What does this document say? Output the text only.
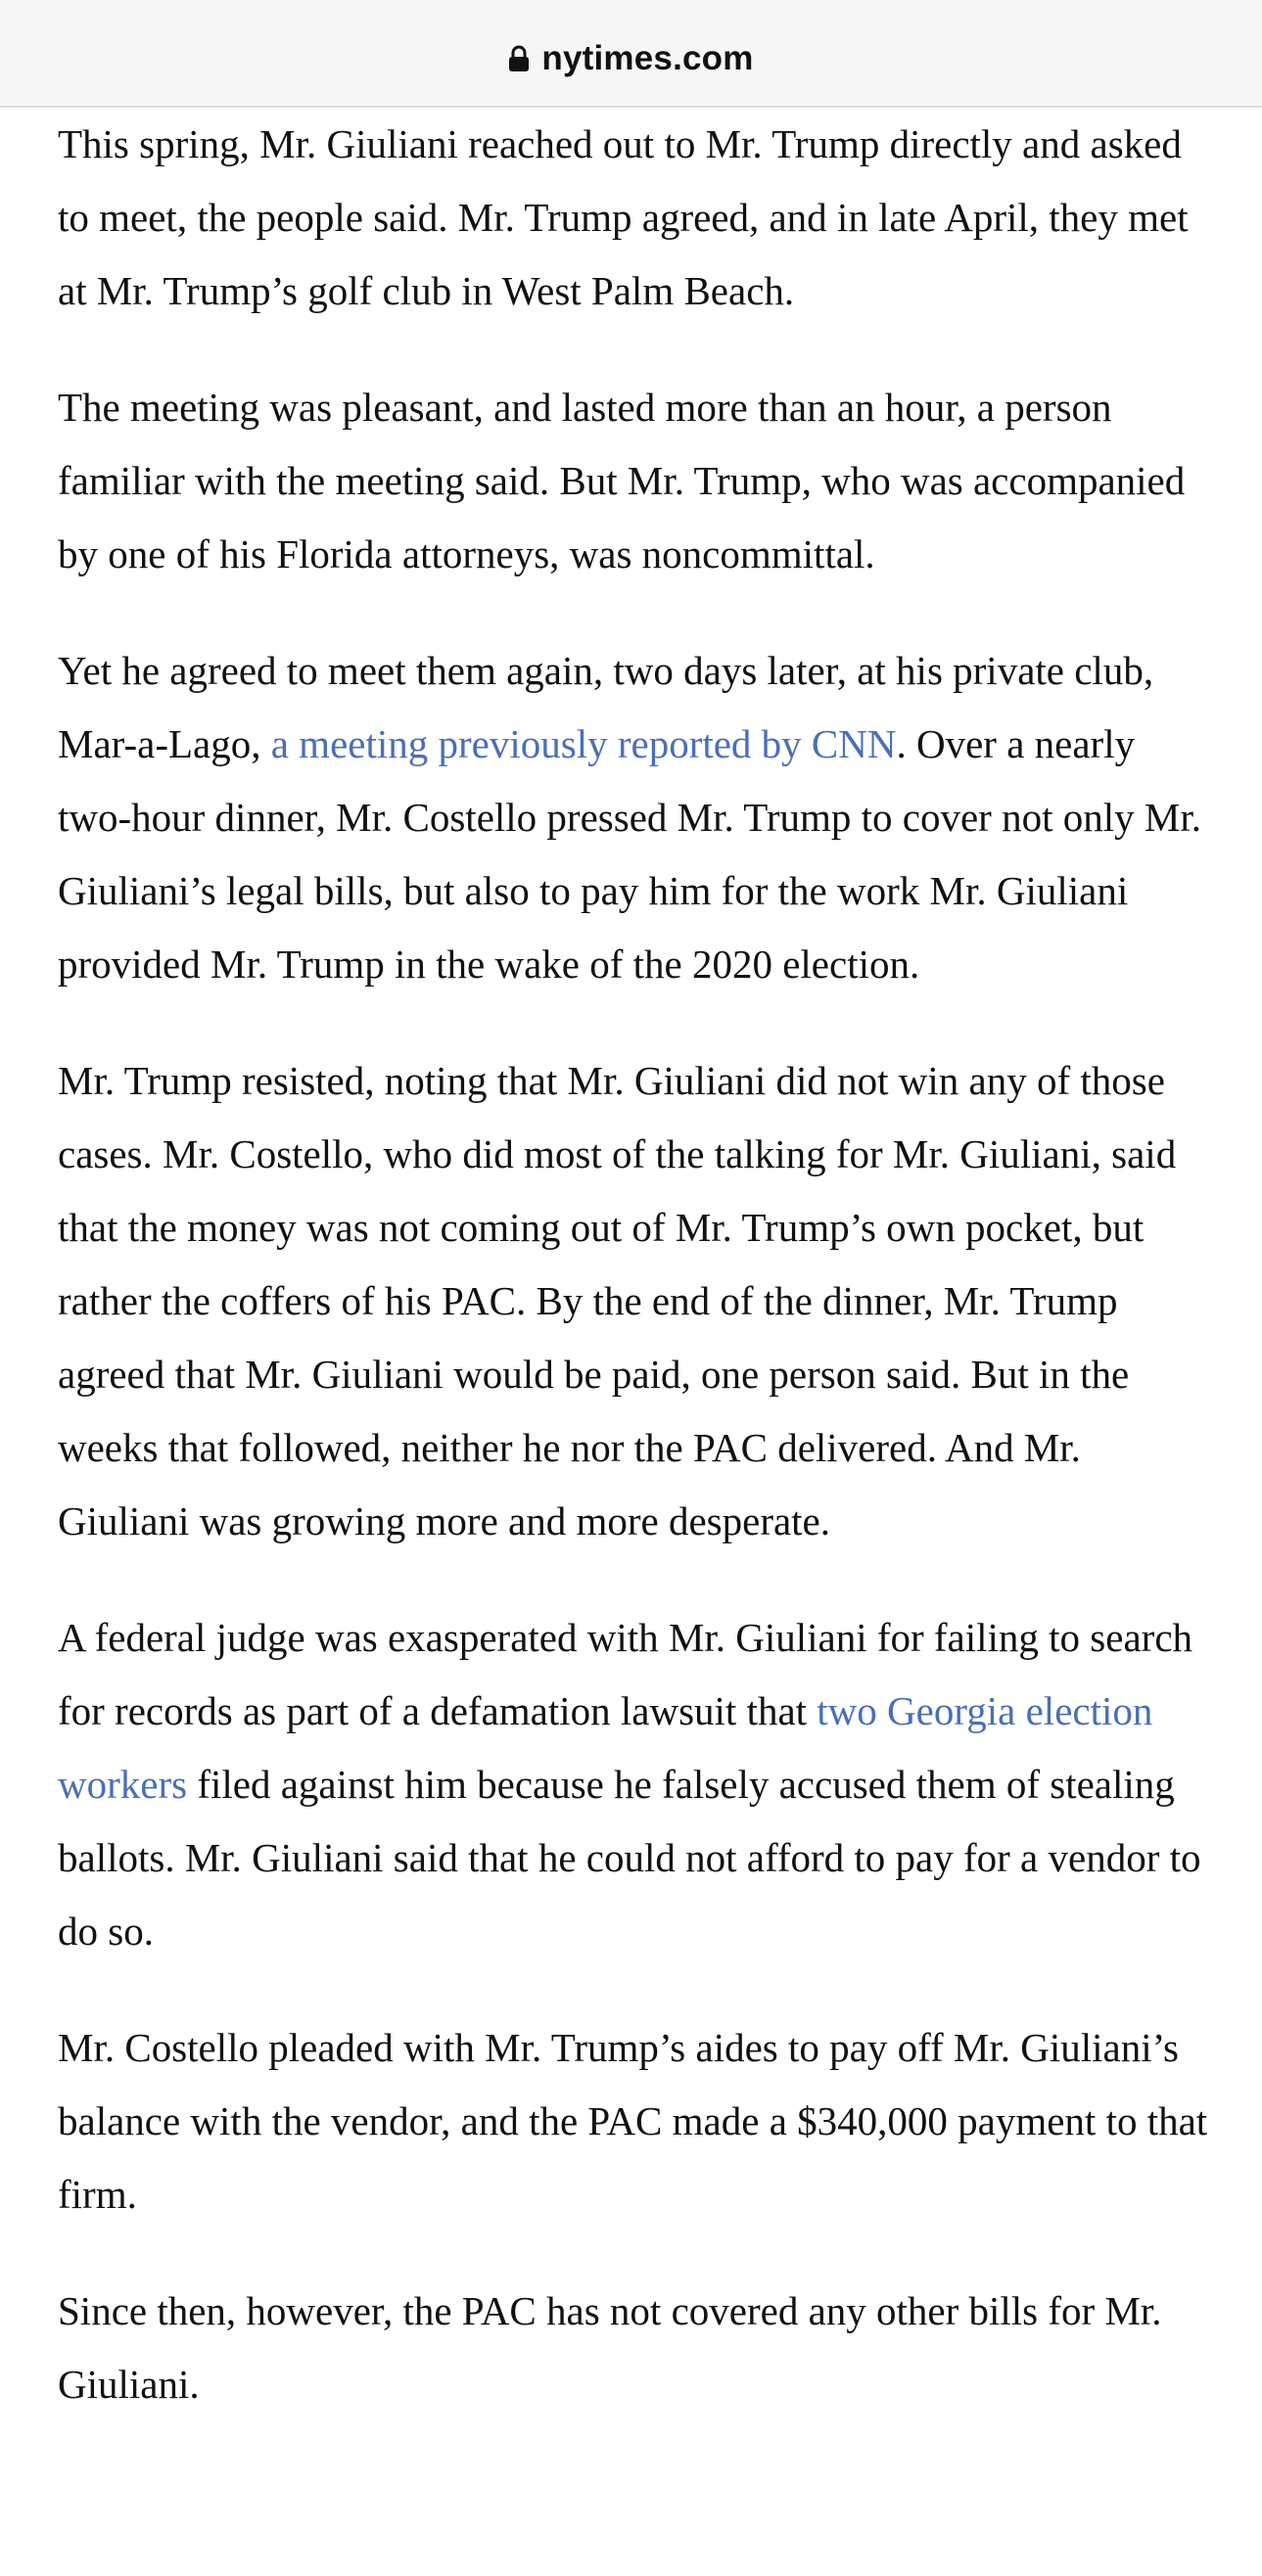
nytimes.com

This spring, Mr. Giuliani reached out to Mr. Trump directly and asked to meet, the people said. Mr. Trump agreed, and in late April, they met at Mr. Trump’s golf club in West Palm Beach.

The meeting was pleasant, and lasted more than an hour, a person familiar with the meeting said. But Mr. Trump, who was accompanied by one of his Florida attorneys, was noncommittal.

Yet he agreed to meet them again, two days later, at his private club, Mar-a-Lago, a meeting previously reported by CNN. Over a nearly two-hour dinner, Mr. Costello pressed Mr. Trump to cover not only Mr. Giuliani’s legal bills, but also to pay him for the work Mr. Giuliani provided Mr. Trump in the wake of the 2020 election.

Mr. Trump resisted, noting that Mr. Giuliani did not win any of those cases. Mr. Costello, who did most of the talking for Mr. Giuliani, said that the money was not coming out of Mr. Trump’s own pocket, but rather the coffers of his PAC. By the end of the dinner, Mr. Trump agreed that Mr. Giuliani would be paid, one person said. But in the weeks that followed, neither he nor the PAC delivered. And Mr. Giuliani was growing more and more desperate.

A federal judge was exasperated with Mr. Giuliani for failing to search for records as part of a defamation lawsuit that two Georgia election workers filed against him because he falsely accused them of stealing ballots. Mr. Giuliani said that he could not afford to pay for a vendor to do so.

Mr. Costello pleaded with Mr. Trump’s aides to pay off Mr. Giuliani’s balance with the vendor, and the PAC made a $340,000 payment to that firm.

Since then, however, the PAC has not covered any other bills for Mr. Giuliani.
